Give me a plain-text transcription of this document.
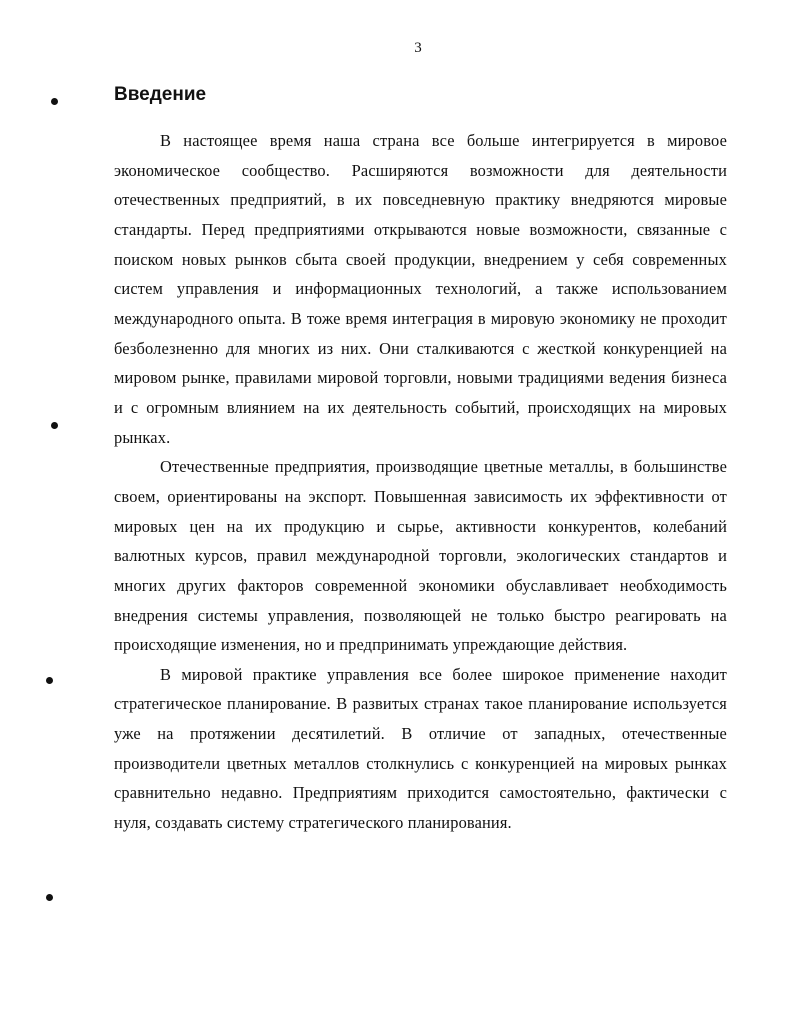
3
Введение

В настоящее время наша страна все больше интегрируется в мировое экономическое сообщество. Расширяются возможности для деятельности отечественных предприятий, в их повседневную практику внедряются мировые стандарты. Перед предприятиями открываются новые возможности, связанные с поиском новых рынков сбыта своей продукции, внедрением у себя современных систем управления и информационных технологий, а также использованием международного опыта. В тоже время интеграция в мировую экономику не проходит безболезненно для многих из них. Они сталкиваются с жесткой конкуренцией на мировом рынке, правилами мировой торговли, новыми традициями ведения бизнеса и с огромным влиянием на их деятельность событий, происходящих на мировых рынках.

Отечественные предприятия, производящие цветные металлы, в большинстве своем, ориентированы на экспорт. Повышенная зависимость их эффективности от мировых цен на их продукцию и сырье, активности конкурентов, колебаний валютных курсов, правил международной торговли, экологических стандартов и многих других факторов современной экономики обуславливает необходимость внедрения системы управления, позволяющей не только быстро реагировать на происходящие изменения, но и предпринимать упреждающие действия.

В мировой практике управления все более широкое применение находит стратегическое планирование. В развитых странах такое планирование используется уже на протяжении десятилетий. В отличие от западных, отечественные производители цветных металлов столкнулись с конкуренцией на мировых рынках сравнительно недавно. Предприятиям приходится самостоятельно, фактически с нуля, создавать систему стратегического планирования.
